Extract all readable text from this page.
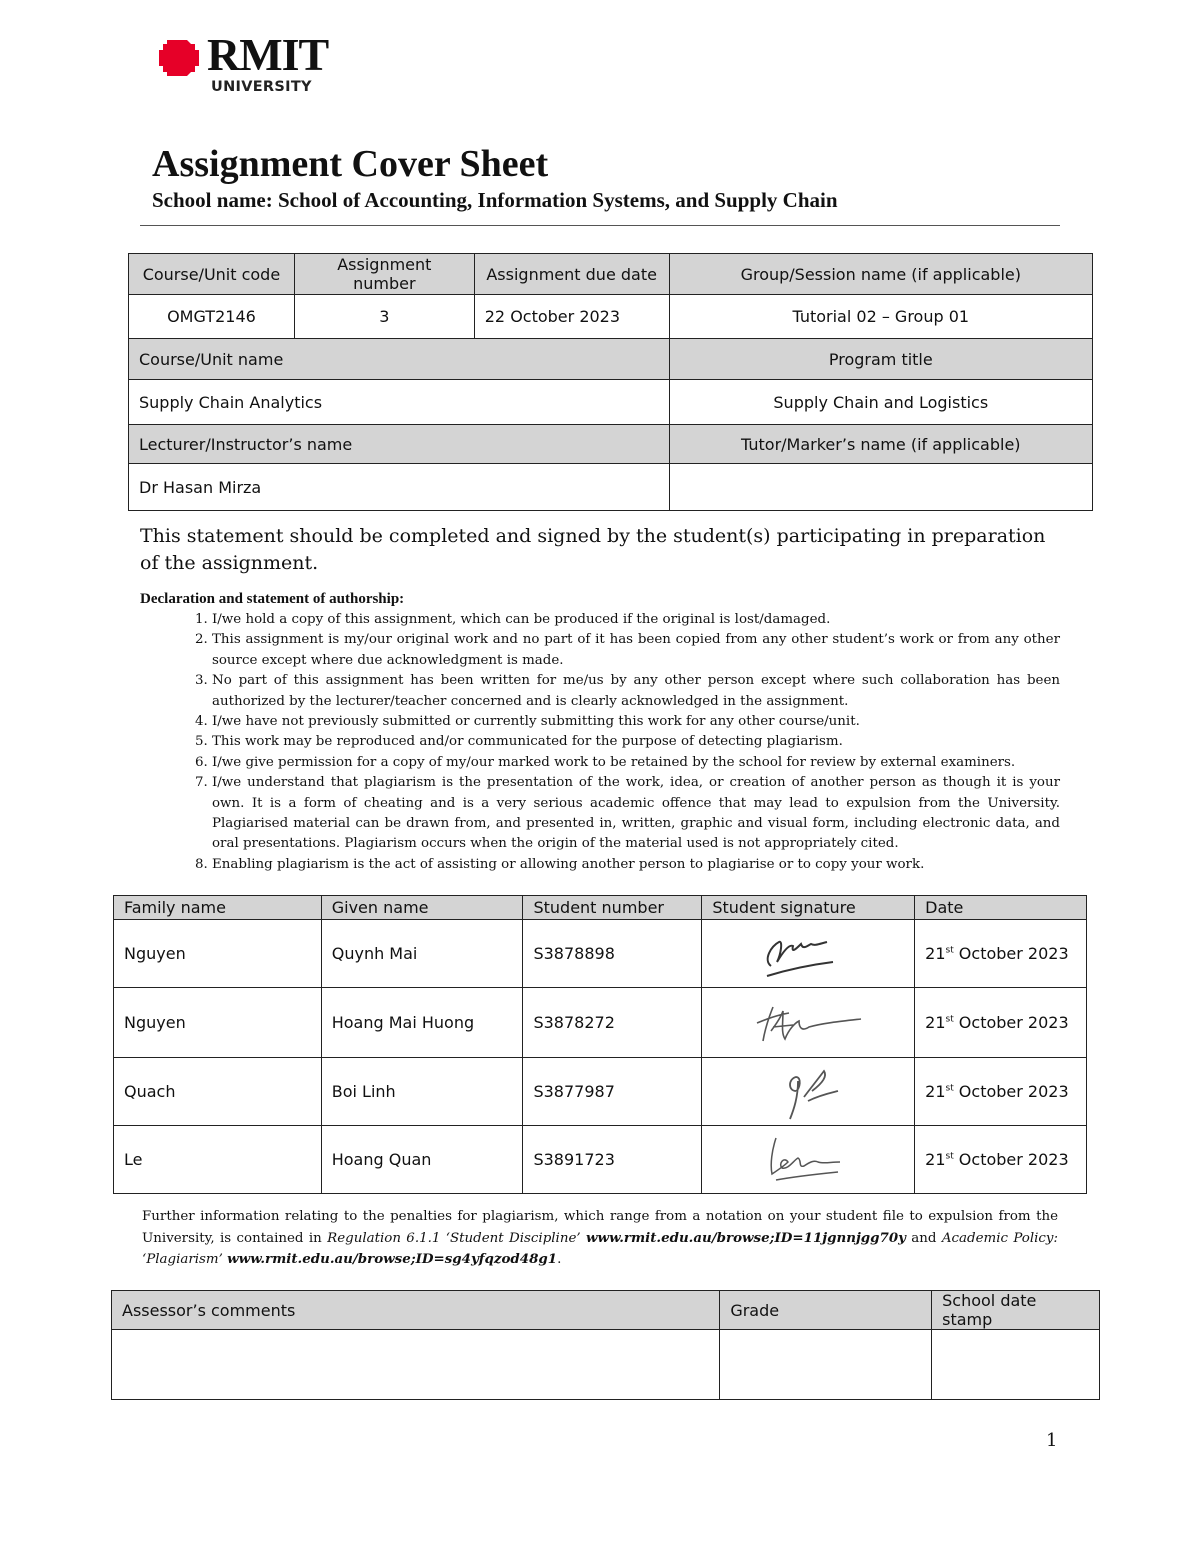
RMIT
UNIVERSITY
Assignment Cover Sheet
School name: School of Accounting, Information Systems, and Supply Chain
Course/Unit code	Assignment number	Assignment due date	Group/Session name (if applicable)
OMGT2146	3	22 October 2023	Tutorial 02 – Group 01
Course/Unit name			Program title
Supply Chain Analytics			Supply Chain and Logistics
Lecturer/Instructor’s name			Tutor/Marker’s name (if applicable)
Dr Hasan Mirza			
This statement should be completed and signed by the student(s) participating in preparation of the assignment.
Declaration and statement of authorship:
1. I/we hold a copy of this assignment, which can be produced if the original is lost/damaged.
2. This assignment is my/our original work and no part of it has been copied from any other student’s work or from any other source except where due acknowledgment is made.
3. No part of this assignment has been written for me/us by any other person except where such collaboration has been authorized by the lecturer/teacher concerned and is clearly acknowledged in the assignment.
4. I/we have not previously submitted or currently submitting this work for any other course/unit.
5. This work may be reproduced and/or communicated for the purpose of detecting plagiarism.
6. I/we give permission for a copy of my/our marked work to be retained by the school for review by external examiners.
7. I/we understand that plagiarism is the presentation of the work, idea, or creation of another person as though it is your own. It is a form of cheating and is a very serious academic offence that may lead to expulsion from the University. Plagiarised material can be drawn from, and presented in, written, graphic and visual form, including electronic data, and oral presentations. Plagiarism occurs when the origin of the material used is not appropriately cited.
8. Enabling plagiarism is the act of assisting or allowing another person to plagiarise or to copy your work.
Family name	Given name	Student number	Student signature	Date
Nguyen	Quynh Mai	S3878898		21st October 2023
Nguyen	Hoang Mai Huong	S3878272		21st October 2023
Quach	Boi Linh	S3877987		21st October 2023
Le	Hoang Quan	S3891723		21st October 2023
Further information relating to the penalties for plagiarism, which range from a notation on your student file to expulsion from the University, is contained in Regulation 6.1.1 ‘Student Discipline’ www.rmit.edu.au/browse;ID=11jgnnjgg70y and Academic Policy: ‘Plagiarism’ www.rmit.edu.au/browse;ID=sg4yfqzod48g1.
Assessor’s comments	Grade	School date stamp

1
